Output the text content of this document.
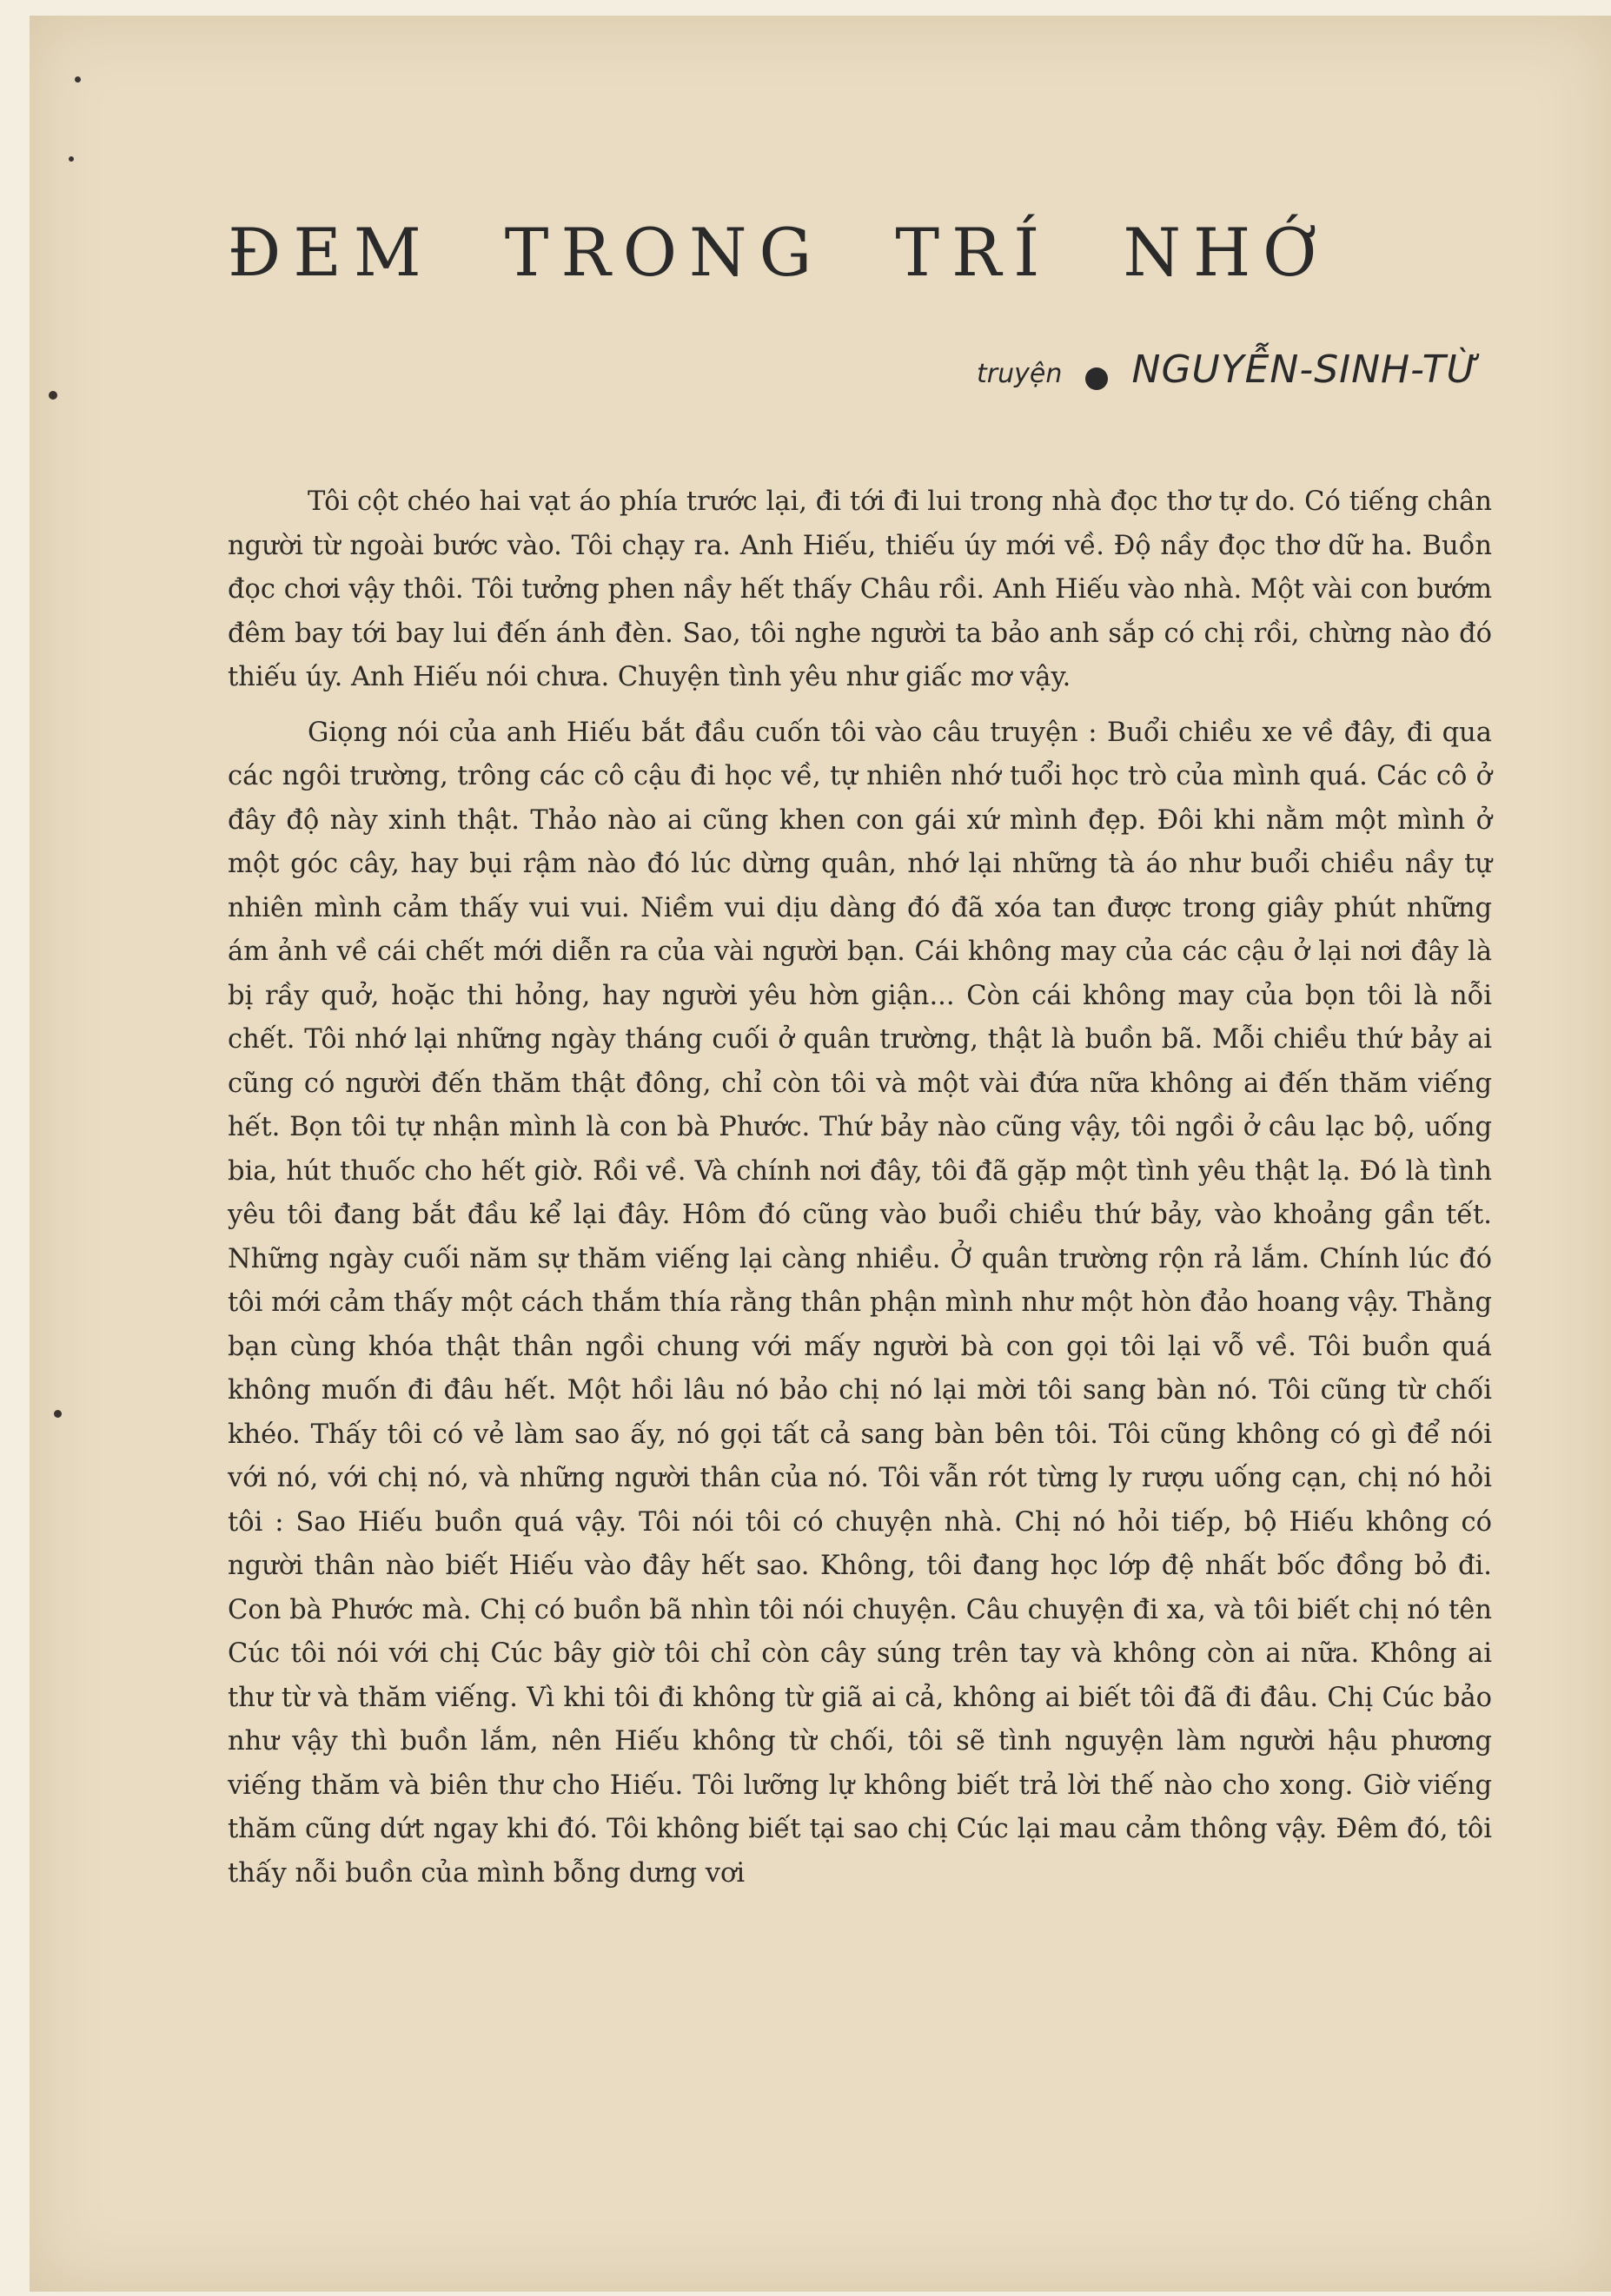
ĐEM TRONG TRÍ NHỚ
truyện NGUYỄN-SINH-TỪ

Tôi cột chéo hai vạt áo phía trước lại, đi tới đi lui trong nhà đọc thơ tự do. Có tiếng chân người từ ngoài bước vào. Tôi chạy ra. Anh Hiếu, thiếu úy mới về. Độ nầy đọc thơ dữ ha. Buồn đọc chơi vậy thôi. Tôi tưởng phen nầy hết thấy Châu rồi. Anh Hiếu vào nhà. Một vài con bướm đêm bay tới bay lui đến ánh đèn. Sao, tôi nghe người ta bảo anh sắp có chị rồi, chừng nào đó thiếu úy. Anh Hiếu nói chưa. Chuyện tình yêu như giấc mơ vậy.

Giọng nói của anh Hiếu bắt đầu cuốn tôi vào câu truyện : Buổi chiều xe về đây, đi qua các ngôi trường, trông các cô cậu đi học về, tự nhiên nhớ tuổi học trò của mình quá. Các cô ở đây độ này xinh thật. Thảo nào ai cũng khen con gái xứ mình đẹp. Đôi khi nằm một mình ở một góc cây, hay bụi rậm nào đó lúc dừng quân, nhớ lại những tà áo như buổi chiều nầy tự nhiên mình cảm thấy vui vui. Niềm vui dịu dàng đó đã xóa tan được trong giây phút những ám ảnh về cái chết mới diễn ra của vài người bạn. Cái không may của các cậu ở lại nơi đây là bị rầy quở, hoặc thi hỏng, hay người yêu hờn giận... Còn cái không may của bọn tôi là nỗi chết. Tôi nhớ lại những ngày tháng cuối ở quân trường, thật là buồn bã. Mỗi chiều thứ bảy ai cũng có người đến thăm thật đông, chỉ còn tôi và một vài đứa nữa không ai đến thăm viếng hết. Bọn tôi tự nhận mình là con bà Phước. Thứ bảy nào cũng vậy, tôi ngồi ở câu lạc bộ, uống bia, hút thuốc cho hết giờ. Rồi về. Và chính nơi đây, tôi đã gặp một tình yêu thật lạ. Đó là tình yêu tôi đang bắt đầu kể lại đây. Hôm đó cũng vào buổi chiều thứ bảy, vào khoảng gần tết. Những ngày cuối năm sự thăm viếng lại càng nhiều. Ở quân trường rộn rả lắm. Chính lúc đó tôi mới cảm thấy một cách thắm thía rằng thân phận mình như một hòn đảo hoang vậy. Thằng bạn cùng khóa thật thân ngồi chung với mấy người bà con gọi tôi lại vỗ về. Tôi buồn quá không muốn đi đâu hết. Một hồi lâu nó bảo chị nó lại mời tôi sang bàn nó. Tôi cũng từ chối khéo. Thấy tôi có vẻ làm sao ấy, nó gọi tất cả sang bàn bên tôi. Tôi cũng không có gì để nói với nó, với chị nó, và những người thân của nó. Tôi vẫn rót từng ly rượu uống cạn, chị nó hỏi tôi : Sao Hiếu buồn quá vậy. Tôi nói tôi có chuyện nhà. Chị nó hỏi tiếp, bộ Hiếu không có người thân nào biết Hiếu vào đây hết sao. Không, tôi đang học lớp đệ nhất bốc đồng bỏ đi. Con bà Phước mà. Chị có buồn bã nhìn tôi nói chuyện. Câu chuyện đi xa, và tôi biết chị nó tên Cúc tôi nói với chị Cúc bây giờ tôi chỉ còn cây súng trên tay và không còn ai nữa. Không ai thư từ và thăm viếng. Vì khi tôi đi không từ giã ai cả, không ai biết tôi đã đi đâu. Chị Cúc bảo như vậy thì buồn lắm, nên Hiếu không từ chối, tôi sẽ tình nguyện làm người hậu phương viếng thăm và biên thư cho Hiếu. Tôi lưỡng lự không biết trả lời thế nào cho xong. Giờ viếng thăm cũng dứt ngay khi đó. Tôi không biết tại sao chị Cúc lại mau cảm thông vậy. Đêm đó, tôi thấy nỗi buồn của mình bỗng dưng vơi
